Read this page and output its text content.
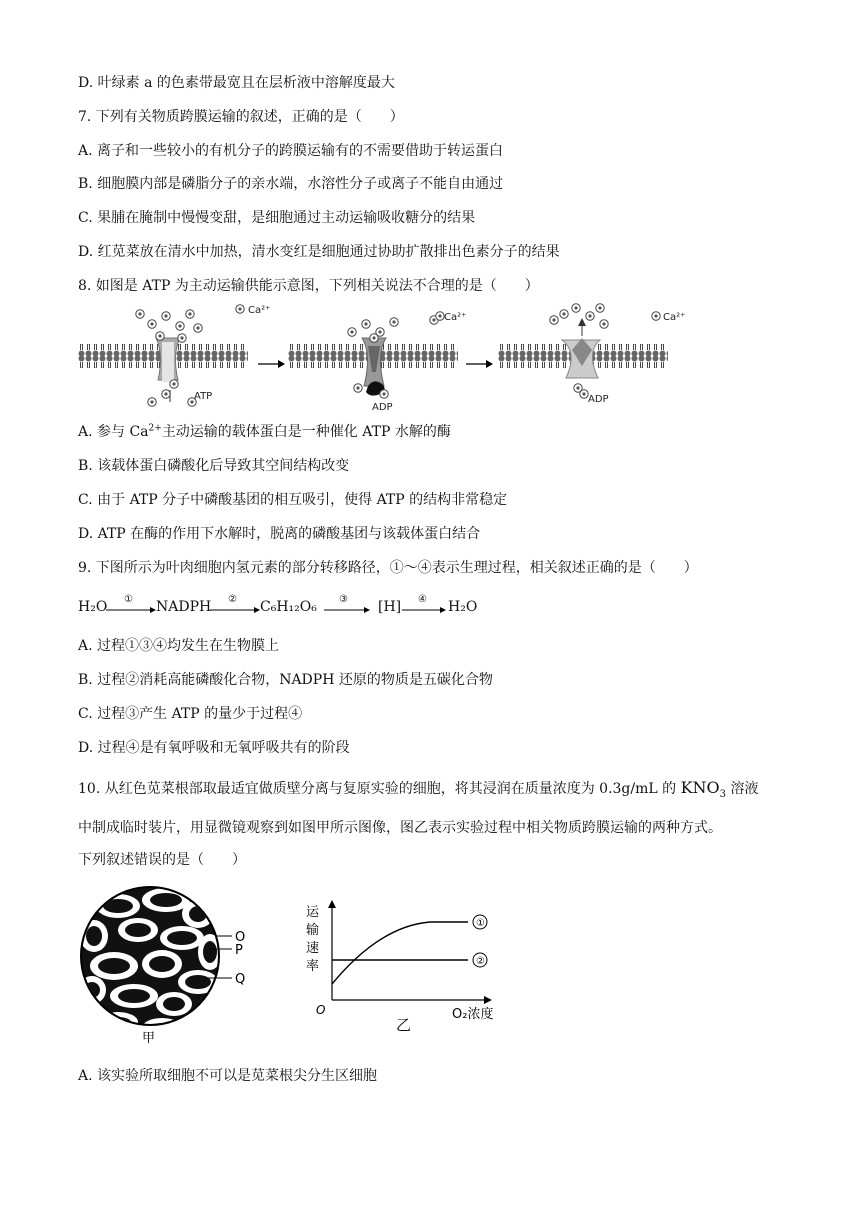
D. 叶绿素 a 的色素带最宽且在层析液中溶解度最大
7. 下列有关物质跨膜运输的叙述，正确的是（　　）
A. 离子和一些较小的有机分子的跨膜运输有的不需要借助于转运蛋白
B. 细胞膜内部是磷脂分子的亲水端，水溶性分子或离子不能自由通过
C. 果脯在腌制中慢慢变甜，是细胞通过主动运输吸收糖分的结果
D. 红苋菜放在清水中加热，清水变红是细胞通过协助扩散排出色素分子的结果
8. 如图是 ATP 为主动运输供能示意图，下列相关说法不合理的是（　　）
Ca²⁺
ATP
Ca²⁺
ADP
Ca²⁺
ADP
A. 参与 $Ca^{2+}$主动运输的载体蛋白是一种催化 ATP 水解的酶
B. 该载体蛋白磷酸化后导致其空间结构改变
C. 由于 ATP 分子中磷酸基团的相互吸引，使得 ATP 的结构非常稳定
D. ATP 在酶的作用下水解时，脱离的磷酸基团与该载体蛋白结合
9. 下图所示为叶肉细胞内氢元素的部分转移路径，①～④表示生理过程，相关叙述正确的是（　　）
H₂O ① NADPH ② C₆H₁₂O₆ ③ [H] ④ H₂O
A. 过程①③④均发生在生物膜上
B. 过程②消耗高能磷酸化合物，NADPH 还原的物质是五碳化合物
C. 过程③产生 ATP 的量少于过程④
D. 过程④是有氧呼吸和无氧呼吸共有的阶段
10. 从红色苋菜根部取最适宜做质壁分离与复原实验的细胞，将其浸润在质量浓度为 0.3g/mL 的 $KNO_3$ 溶液
中制成临时装片，用显微镜观察到如图甲所示图像，图乙表示实验过程中相关物质跨膜运输的两种方式。
下列叙述错误的是（　　）
O
P
Q
甲
运
输
速
率
①
②
O
乙
O₂浓度
A. 该实验所取细胞不可以是苋菜根尖分生区细胞
